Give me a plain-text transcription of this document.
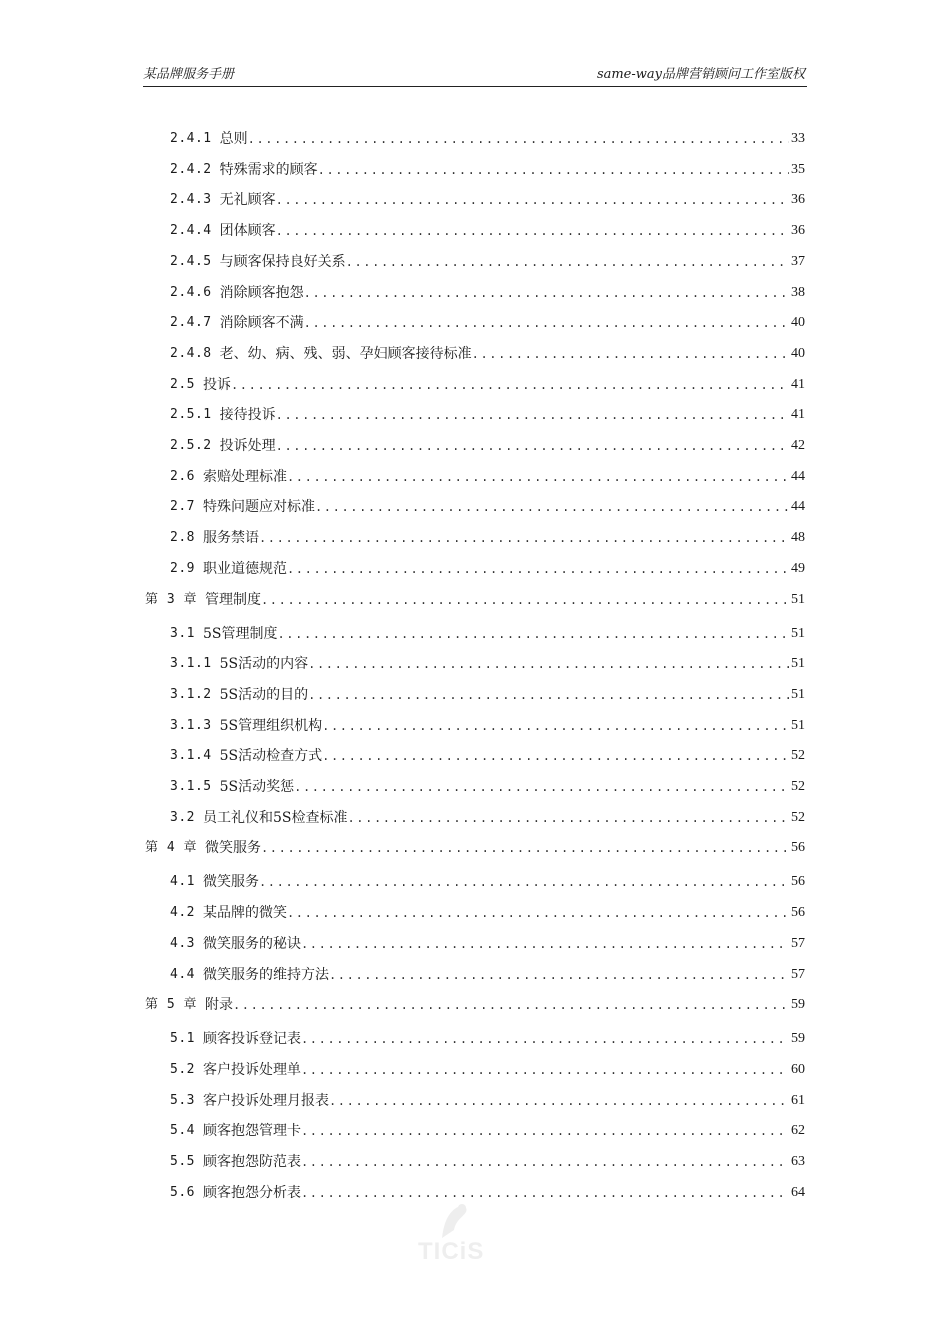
某品牌服务手册	same-way品牌营销顾问工作室版权
2.4.1 总则 .....	33
2.4.2 特殊需求的顾客 .....	35
2.4.3 无礼顾客 .....	36
2.4.4 团体顾客 .....	36
2.4.5 与顾客保持良好关系 .....	37
2.4.6 消除顾客抱怨 .....	38
2.4.7 消除顾客不满 .....	40
2.4.8 老、幼、病、残、弱、孕妇顾客接待标准 .....	40
2.5 投诉 .....	41
2.5.1 接待投诉 .....	41
2.5.2 投诉处理 .....	42
2.6 索赔处理标准 .....	44
2.7 特殊问题应对标准 .....	44
2.8 服务禁语 .....	48
2.9 职业道德规范 .....	49
第 3 章 管理制度 .....	51
3.1 5S管理制度 .....	51
3.1.1 5S活动的内容 .....	51
3.1.2 5S活动的目的 .....	51
3.1.3 5S管理组织机构 .....	51
3.1.4 5S活动检查方式 .....	52
3.1.5 5S活动奖惩 .....	52
3.2 员工礼仪和5S检查标准 .....	52
第 4 章 微笑服务 .....	56
4.1 微笑服务 .....	56
4.2 某品牌的微笑 .....	56
4.3 微笑服务的秘诀 .....	57
4.4 微笑服务的维持方法 .....	57
第 5 章 附录 .....	59
5.1 顾客投诉登记表 .....	59
5.2 客户投诉处理单 .....	60
5.3 客户投诉处理月报表 .....	61
5.4 顾客抱怨管理卡 .....	62
5.5 顾客抱怨防范表 .....	63
5.6 顾客抱怨分析表 .....	64
TICiS
